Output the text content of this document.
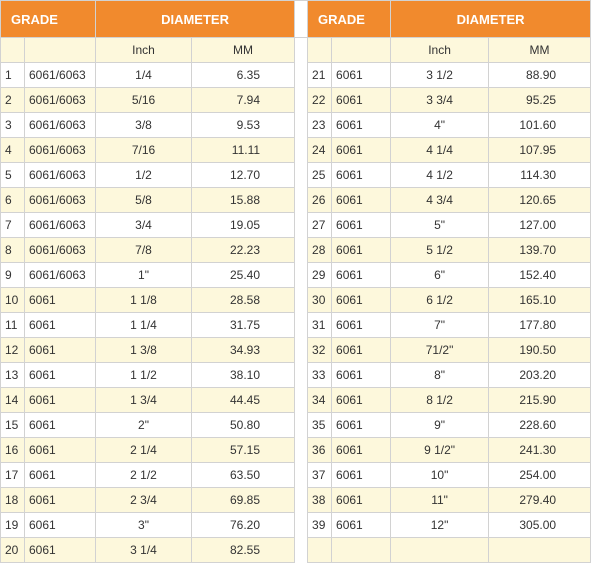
GRADE		DIAMETER			GRADE		DIAMETER	
		Inch	MM				Inch	MM
1	6061/6063	1/4	6.35		21	6061	3 1/2	88.90
2	6061/6063	5/16	7.94		22	6061	3 3/4	95.25
3	6061/6063	3/8	9.53		23	6061	4"	101.60
4	6061/6063	7/16	11.11		24	6061	4 1/4	107.95
5	6061/6063	1/2	12.70		25	6061	4 1/2	114.30
6	6061/6063	5/8	15.88		26	6061	4 3/4	120.65
7	6061/6063	3/4	19.05		27	6061	5"	127.00
8	6061/6063	7/8	22.23		28	6061	5 1/2	139.70
9	6061/6063	1"	25.40		29	6061	6"	152.40
10	6061	1 1/8	28.58		30	6061	6 1/2	165.10
11	6061	1 1/4	31.75		31	6061	7"	177.80
12	6061	1 3/8	34.93		32	6061	71/2"	190.50
13	6061	1 1/2	38.10		33	6061	8"	203.20
14	6061	1 3/4	44.45		34	6061	8 1/2	215.90
15	6061	2"	50.80		35	6061	9"	228.60
16	6061	2 1/4	57.15		36	6061	9 1/2"	241.30
17	6061	2 1/2	63.50		37	6061	10"	254.00
18	6061	2 3/4	69.85		38	6061	11"	279.40
19	6061	3"	76.20		39	6061	12"	305.00
20	6061	3 1/4	82.55					
